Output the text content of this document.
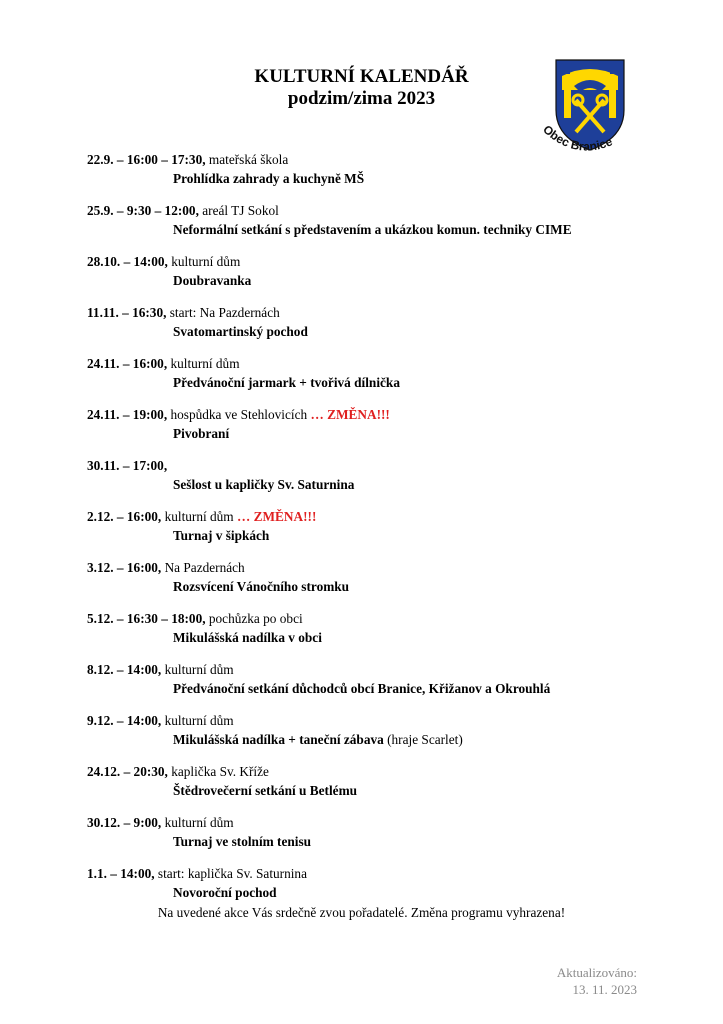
KULTURNÍ KALENDÁŘ
podzim/zima 2023
Obec Branice
22.9. – 16:00 – 17:30, mateřská škola
Prohlídka zahrady a kuchyně MŠ
25.9. – 9:30 – 12:00, areál TJ Sokol
Neformální setkání s představením a ukázkou komun. techniky CIME
28.10. – 14:00, kulturní dům
Doubravanka
11.11. – 16:30, start: Na Pazdernách
Svatomartinský pochod
24.11. – 16:00, kulturní dům
Předvánoční jarmark + tvořivá dílnička
24.11. – 19:00, hospůdka ve Stehlovicích … ZMĚNA!!!
Pivobraní
30.11. – 17:00,
Sešlost u kapličky Sv. Saturnina
2.12. – 16:00, kulturní dům … ZMĚNA!!!
Turnaj v šipkách
3.12. – 16:00, Na Pazdernách
Rozsvícení Vánočního stromku
5.12. – 16:30 – 18:00, pochůzka po obci
Mikulášská nadílka v obci
8.12. – 14:00, kulturní dům
Předvánoční setkání důchodců obcí Branice, Křižanov a Okrouhlá
9.12. – 14:00, kulturní dům
Mikulášská nadílka + taneční zábava (hraje Scarlet)
24.12. – 20:30, kaplička Sv. Kříže
Štědrovečerní setkání u Betlému
30.12. – 9:00, kulturní dům
Turnaj ve stolním tenisu
1.1. – 14:00, start: kaplička Sv. Saturnina
Novoroční pochod
Na uvedené akce Vás srdečně zvou pořadatelé. Změna programu vyhrazena!
Aktualizováno:
13. 11. 2023
